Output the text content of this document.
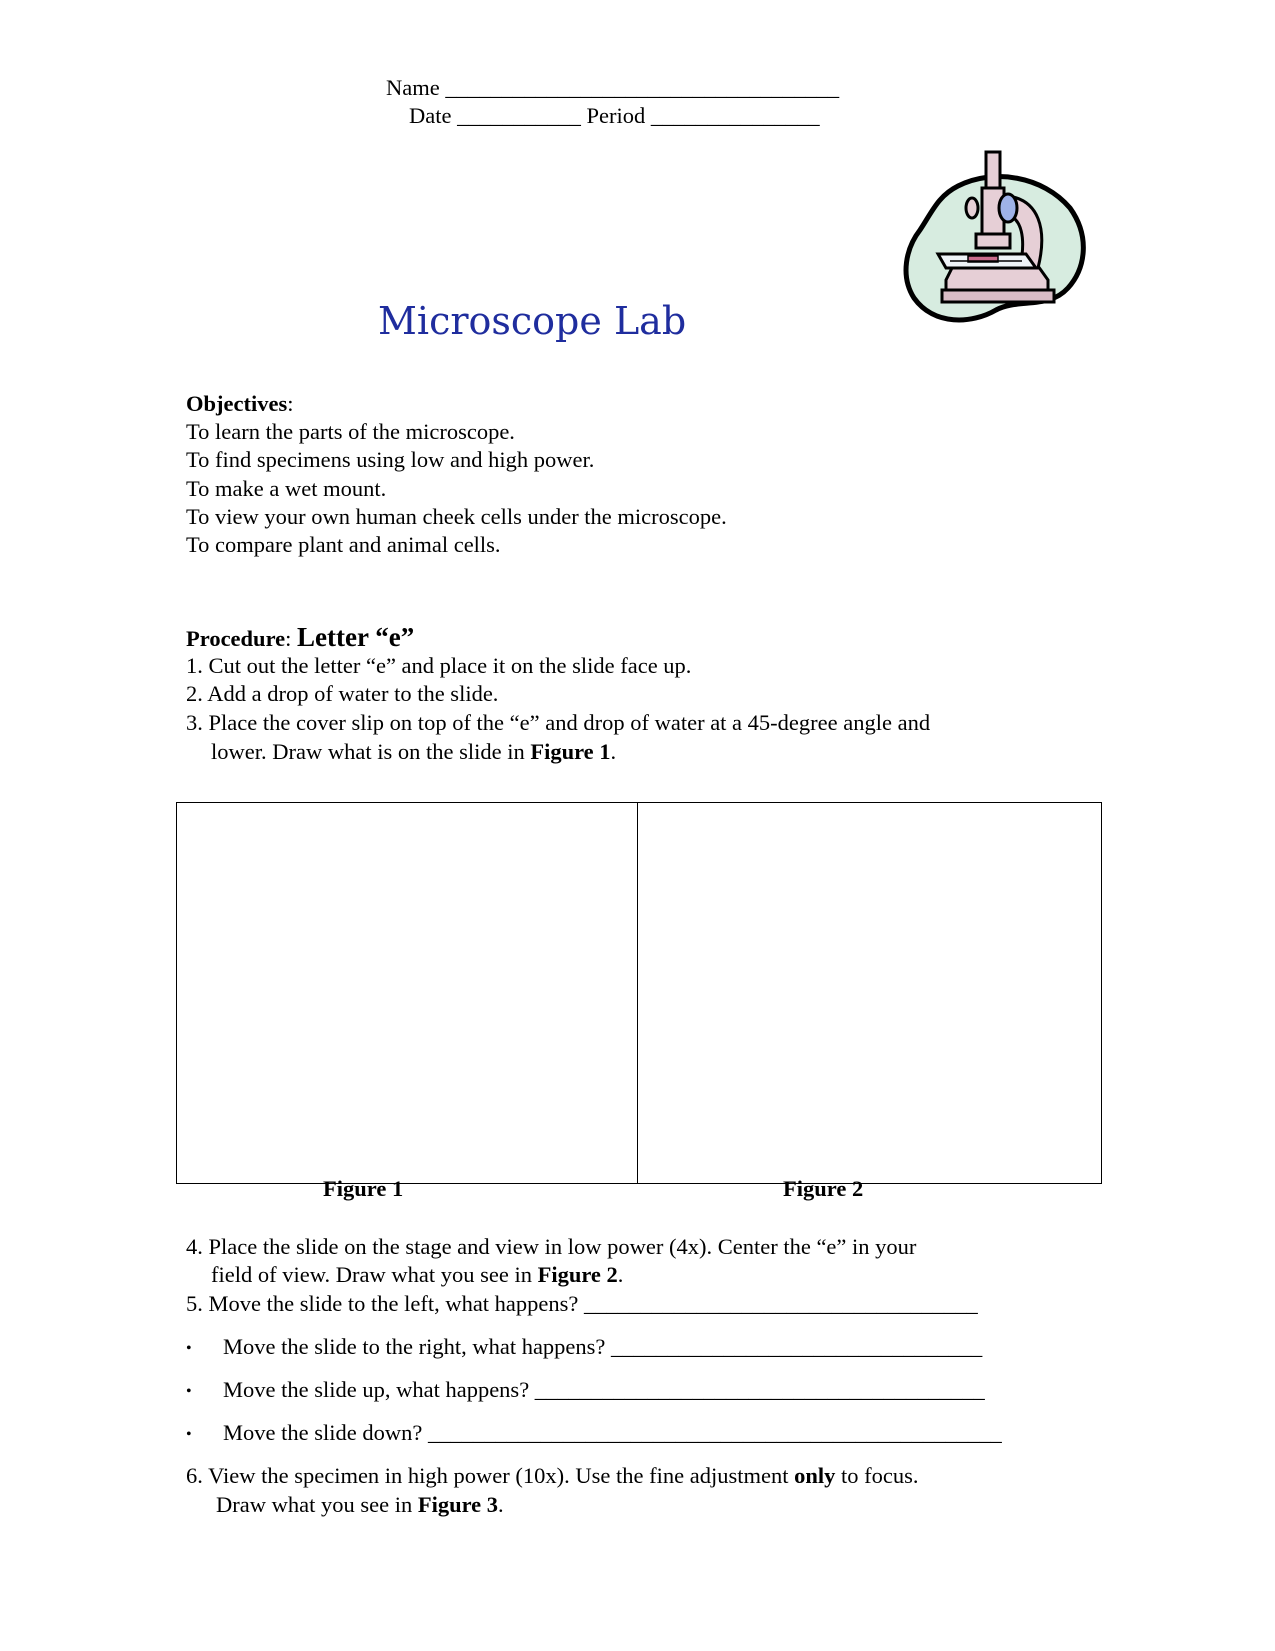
Name ___________________________________
Date ___________ Period _______________
Microscope Lab
Objectives:
To learn the parts of the microscope.
To find specimens using low and high power.
To make a wet mount.
To view your own human cheek cells under the microscope.
To compare plant and animal cells.
Procedure: Letter “e”
1. Cut out the letter “e” and place it on the slide face up.
2. Add a drop of water to the slide.
3. Place the cover slip on top of the “e” and drop of water at a 45-degree angle and
lower. Draw what is on the slide in Figure 1.
Figure 1	Figure 2
4. Place the slide on the stage and view in low power (4x). Center the “e” in your
field of view. Draw what you see in Figure 2.
5. Move the slide to the left, what happens? ___________________________________
• Move the slide to the right, what happens? _________________________________
• Move the slide up, what happens? ________________________________________
• Move the slide down? ___________________________________________________
6. View the specimen in high power (10x). Use the fine adjustment only to focus.
Draw what you see in Figure 3.
